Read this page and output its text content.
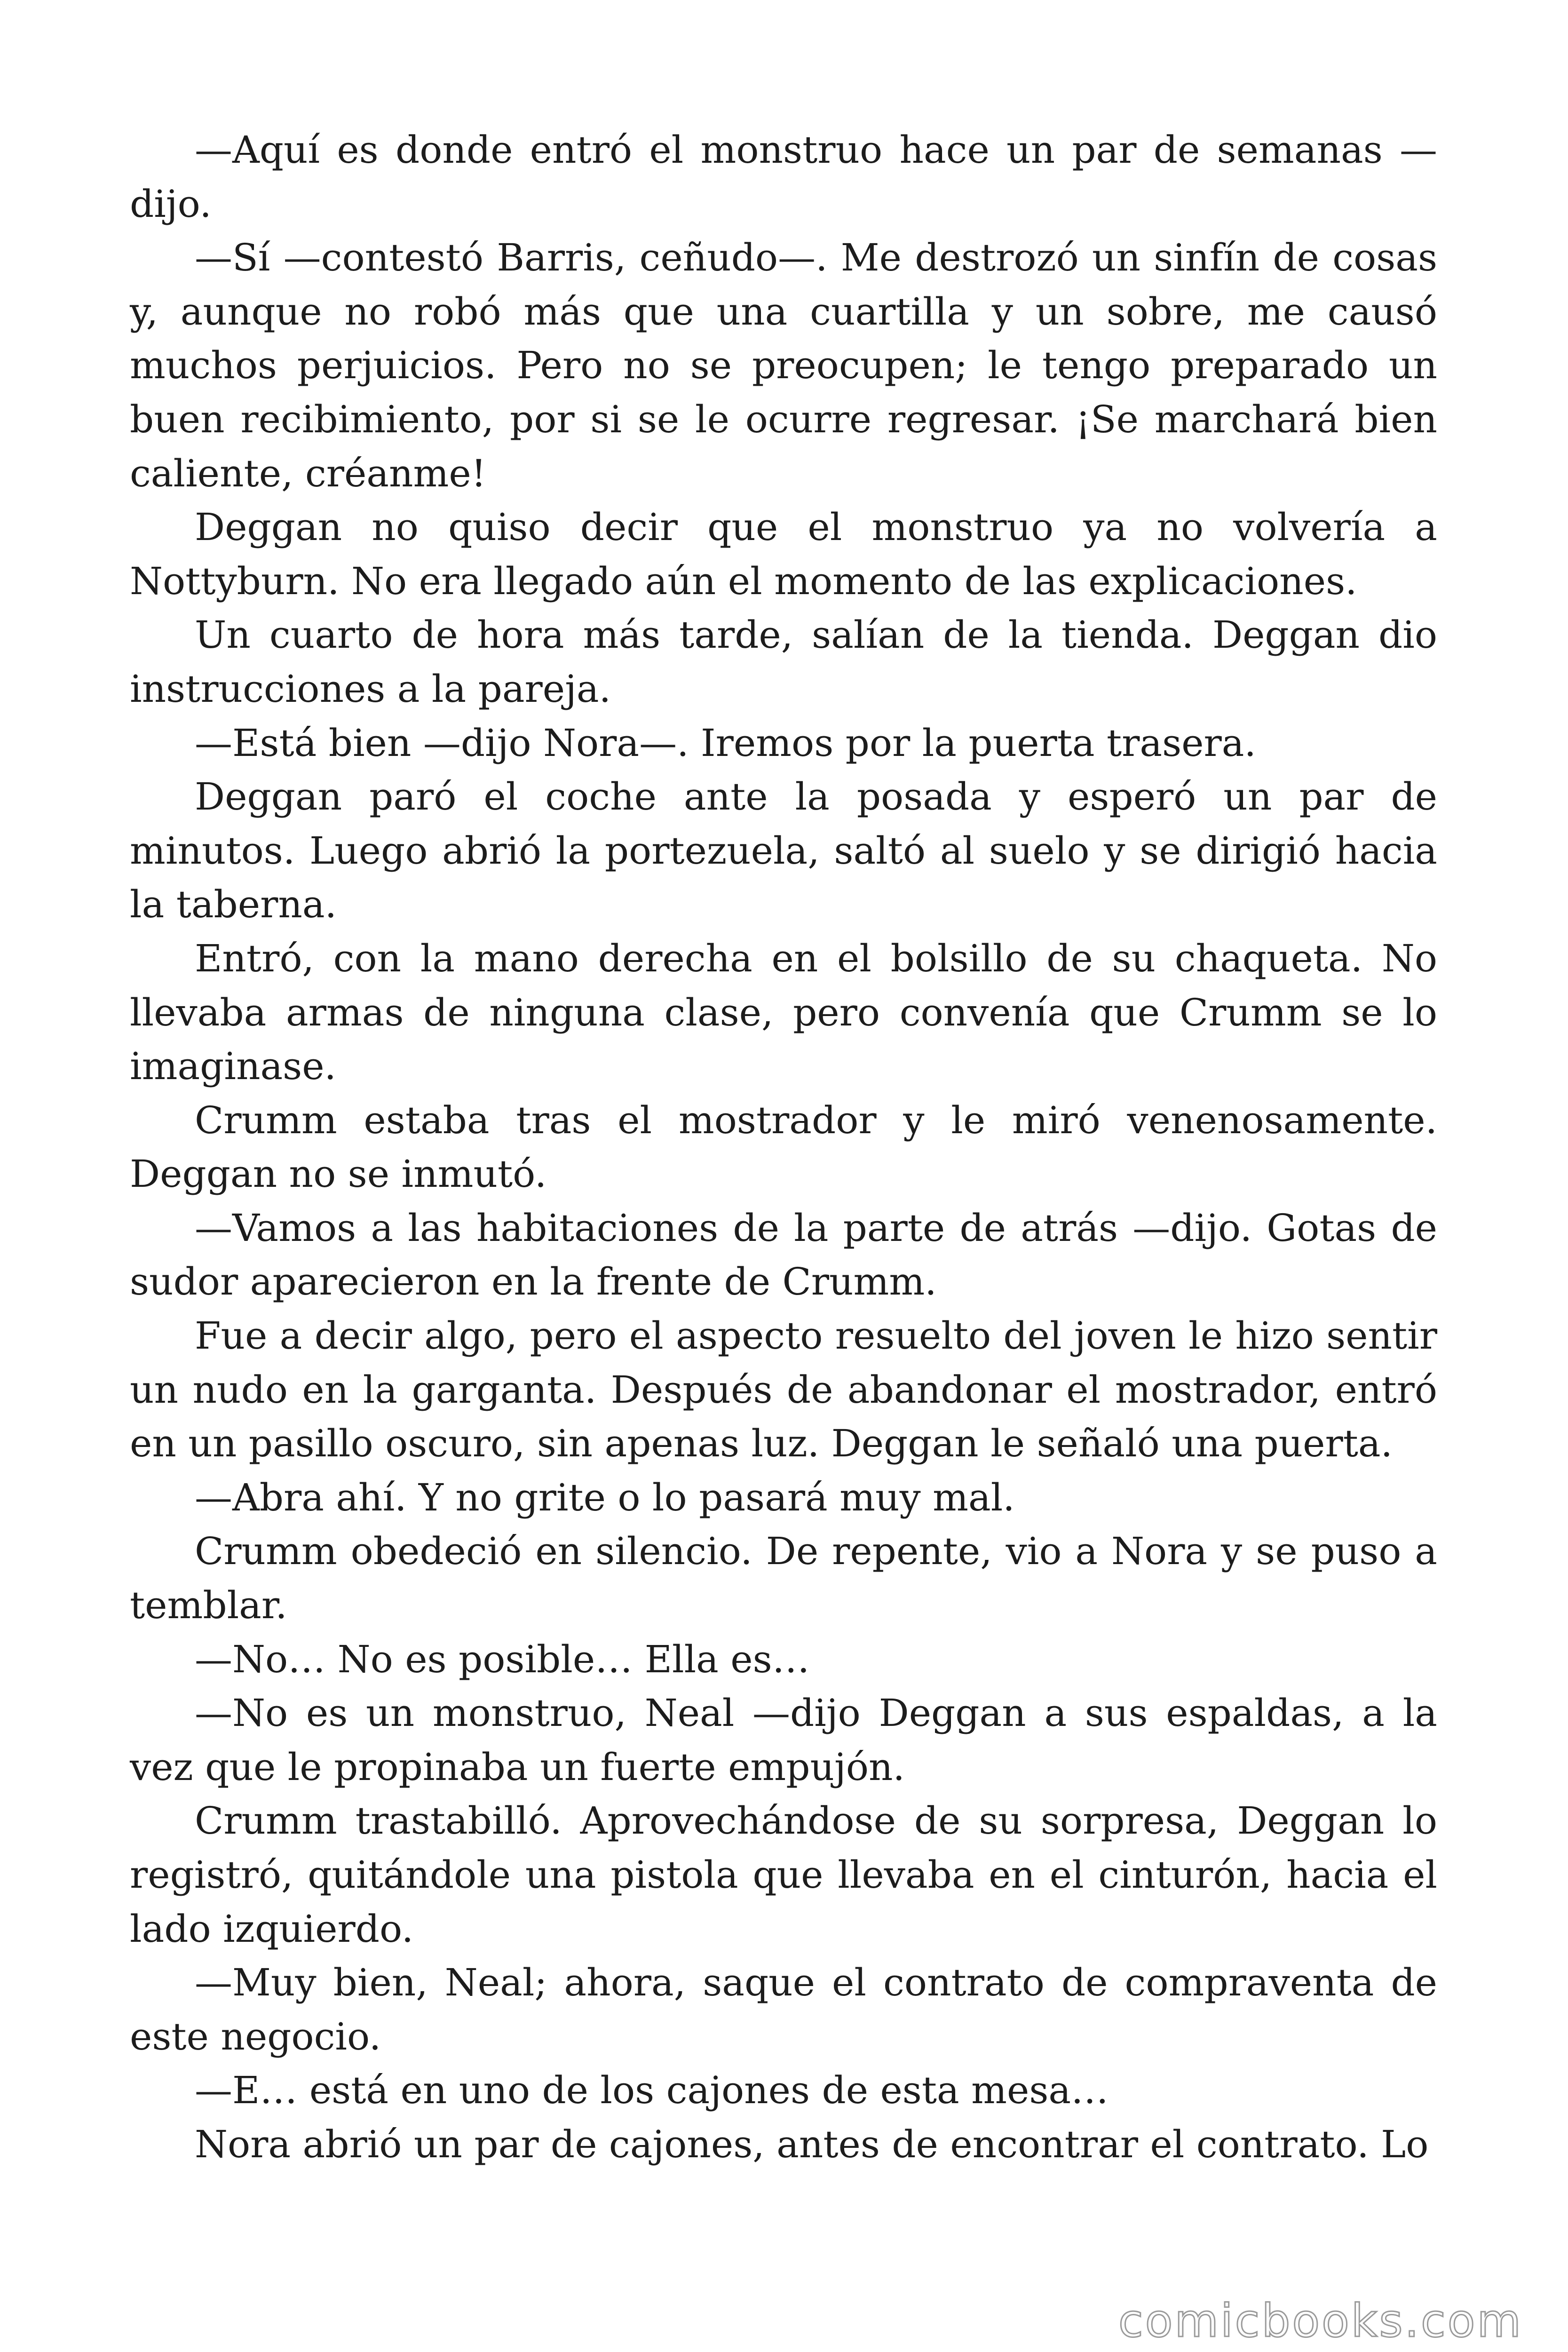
—Aquí es donde entró el monstruo hace un par de semanas —dijo.

—Sí —contestó Barris, ceñudo—. Me destrozó un sinfín de cosas y, aunque no robó más que una cuartilla y un sobre, me causó muchos perjuicios. Pero no se preocupen; le tengo preparado un buen recibimiento, por si se le ocurre regresar. ¡Se marchará bien caliente, créanme!

Deggan no quiso decir que el monstruo ya no volvería a Nottyburn. No era llegado aún el momento de las explicaciones.

Un cuarto de hora más tarde, salían de la tienda. Deggan dio instrucciones a la pareja.

—Está bien —dijo Nora—. Iremos por la puerta trasera.

Deggan paró el coche ante la posada y esperó un par de minutos. Luego abrió la portezuela, saltó al suelo y se dirigió hacia la taberna.

Entró, con la mano derecha en el bolsillo de su chaqueta. No llevaba armas de ninguna clase, pero convenía que Crumm se lo imaginase.

Crumm estaba tras el mostrador y le miró venenosamente. Deggan no se inmutó.

—Vamos a las habitaciones de la parte de atrás —dijo. Gotas de sudor aparecieron en la frente de Crumm.

Fue a decir algo, pero el aspecto resuelto del joven le hizo sentir un nudo en la garganta. Después de abandonar el mostrador, entró en un pasillo oscuro, sin apenas luz. Deggan le señaló una puerta.

—Abra ahí. Y no grite o lo pasará muy mal.

Crumm obedeció en silencio. De repente, vio a Nora y se puso a temblar.

—No… No es posible… Ella es…

—No es un monstruo, Neal —dijo Deggan a sus espaldas, a la vez que le propinaba un fuerte empujón.

Crumm trastabilló. Aprovechándose de su sorpresa, Deggan lo registró, quitándole una pistola que llevaba en el cinturón, hacia el lado izquierdo.

—Muy bien, Neal; ahora, saque el contrato de compraventa de este negocio.

—E… está en uno de los cajones de esta mesa…

Nora abrió un par de cajones, antes de encontrar el contrato. Lo

comicbooks.com
